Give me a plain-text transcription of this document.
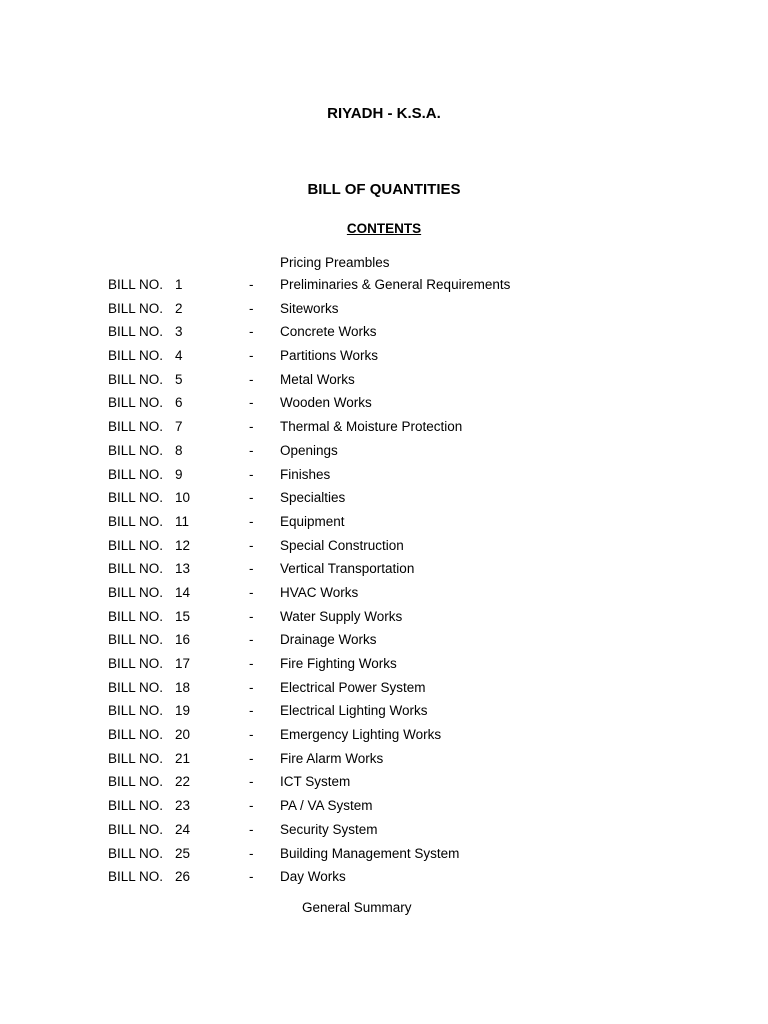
RIYADH - K.S.A.
BILL OF QUANTITIES
CONTENTS
Pricing Preambles
BILL NO. 1	- Preliminaries & General Requirements
BILL NO. 2	- Siteworks
BILL NO. 3	- Concrete Works
BILL NO. 4	- Partitions Works
BILL NO. 5	- Metal Works
BILL NO. 6	- Wooden Works
BILL NO. 7	- Thermal & Moisture Protection
BILL NO. 8	- Openings
BILL NO. 9	- Finishes
BILL NO. 10	- Specialties
BILL NO. 11	- Equipment
BILL NO. 12	- Special Construction
BILL NO. 13	- Vertical Transportation
BILL NO. 14	- HVAC Works
BILL NO. 15	- Water Supply Works
BILL NO. 16	- Drainage Works
BILL NO. 17	- Fire Fighting Works
BILL NO. 18	- Electrical Power System
BILL NO. 19	- Electrical Lighting Works
BILL NO. 20	- Emergency Lighting Works
BILL NO. 21	- Fire Alarm Works
BILL NO. 22	- ICT System
BILL NO. 23	- PA / VA System
BILL NO. 24	- Security System
BILL NO. 25	- Building Management System
BILL NO. 26	- Day Works
General Summary
